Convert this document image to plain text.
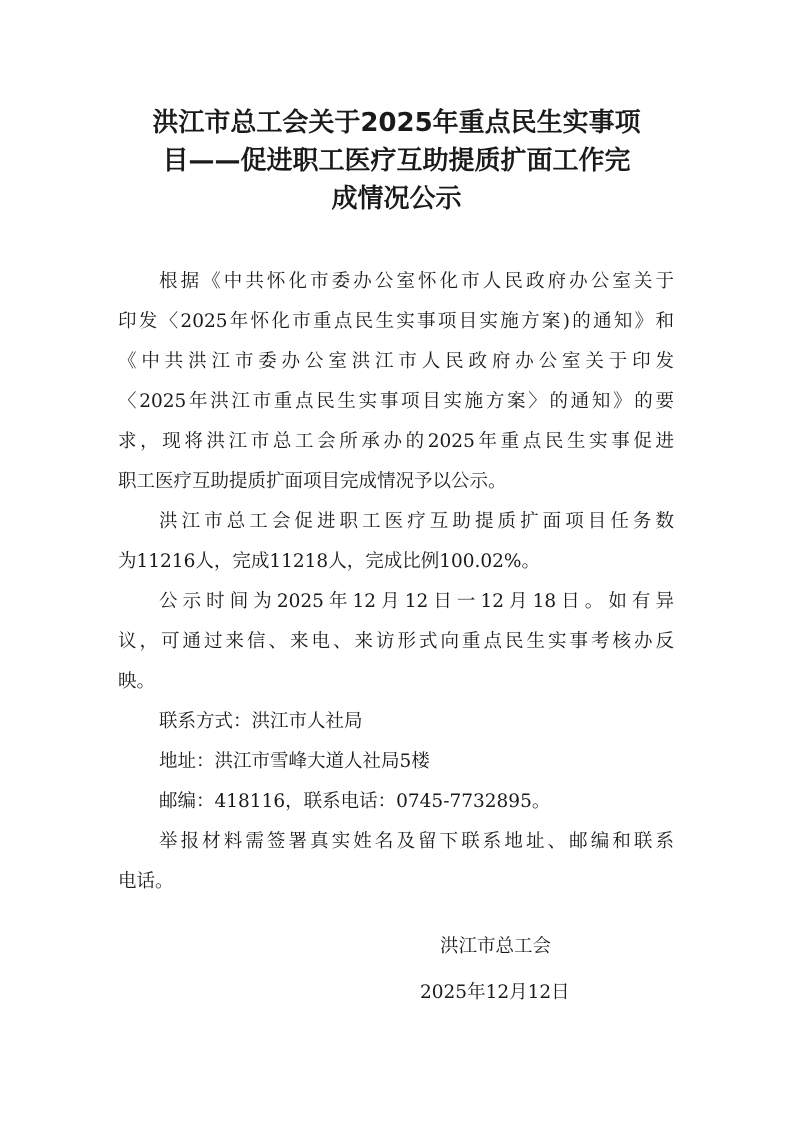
洪江市总工会关于2025年重点民生实事项
目——促进职工医疗互助提质扩面工作完
成情况公示
根据《中共怀化市委办公室怀化市人民政府办公室关于
印发〈2025年怀化市重点民生实事项目实施方案)的通知》和
《中共洪江市委办公室洪江市人民政府办公室关于印发
〈2025年洪江市重点民生实事项目实施方案〉的通知》的要
求，现将洪江市总工会所承办的2025年重点民生实事促进
职工医疗互助提质扩面项目完成情况予以公示。
洪江市总工会促进职工医疗互助提质扩面项目任务数
为11216人，完成11218人，完成比例100.02%。
公示时间为2025年12月12日一12月18日。如有异
议，可通过来信、来电、来访形式向重点民生实事考核办反
映。
联系方式：洪江市人社局
地址：洪江市雪峰大道人社局5楼
邮编：418116，联系电话：0745-7732895。
举报材料需签署真实姓名及留下联系地址、邮编和联系
电话。
洪江市总工会
2025年12月12日
